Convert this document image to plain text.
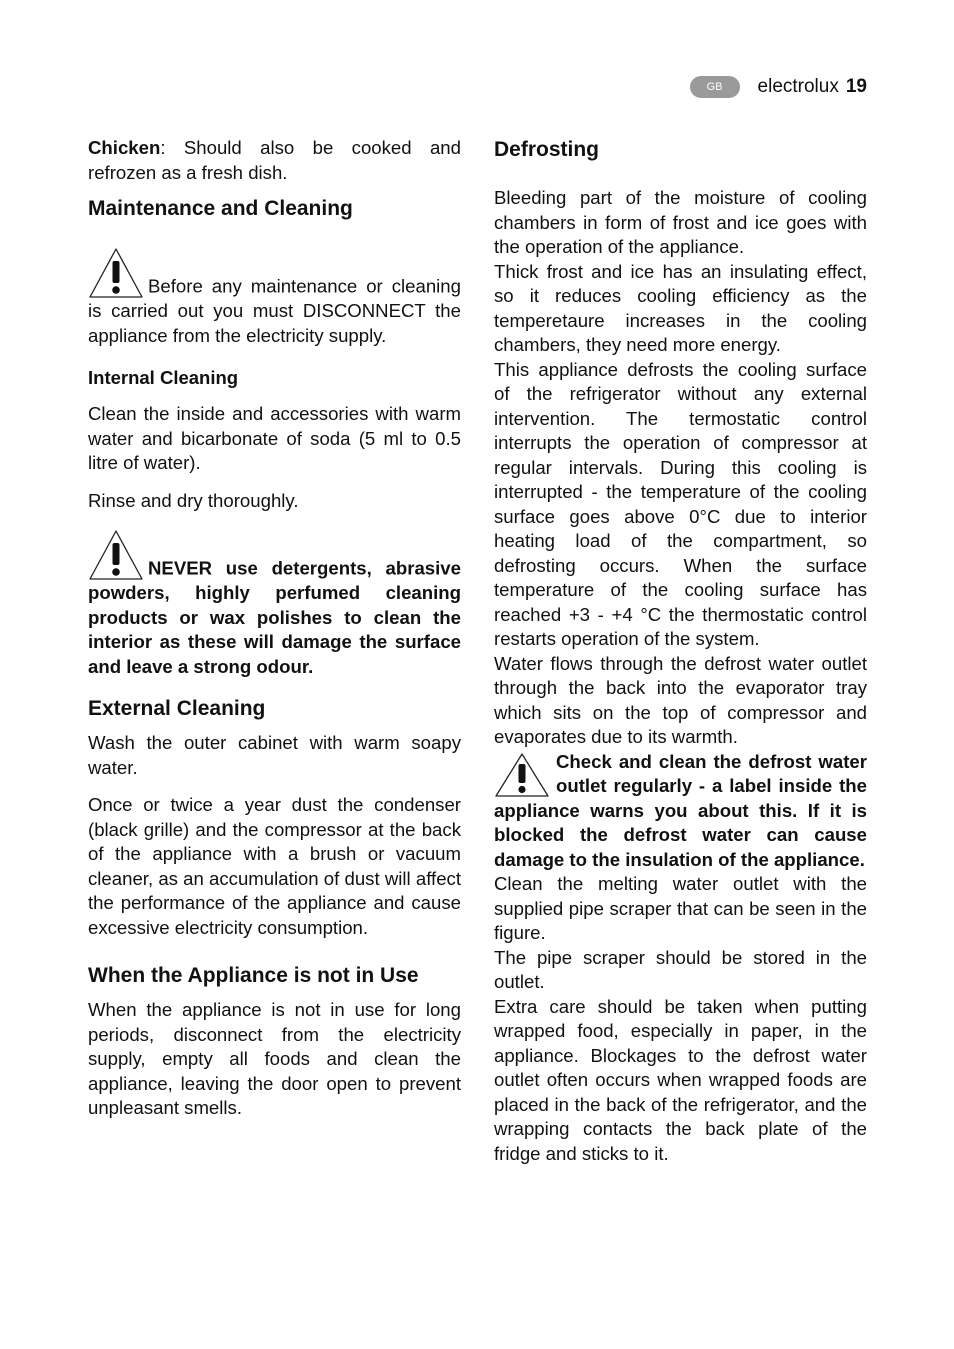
GB	electrolux 19

Chicken: Should also be cooked and refrozen as a fresh dish.

Maintenance and Cleaning

Before any maintenance or cleaning is carried out you must DISCONNECT the appliance from the electricity supply.

Internal Cleaning

Clean the inside and accessories with warm water and bicarbonate of soda (5 ml to 0.5 litre of water).

Rinse and dry thoroughly.

NEVER use detergents, abrasive powders, highly perfumed cleaning products or wax polishes to clean the interior as these will damage the surface and leave a strong odour.

External Cleaning

Wash the outer cabinet with warm soapy water.

Once or twice a year dust the condenser (black grille) and the compressor at the back of the appliance with a brush or vacuum cleaner, as an accumulation of dust will affect the performance of the appliance and cause excessive electricity consumption.

When the Appliance is not in Use

When the appliance is not in use for long periods, disconnect from the electricity supply, empty all foods and clean the appliance, leaving the door open to prevent unpleasant smells.

Defrosting

Bleeding part of the moisture of cooling chambers in form of frost and ice goes with the operation of the appliance.

Thick frost and ice has an insulating effect, so it reduces cooling efficiency as the temperetaure increases in the cooling chambers, they need more energy.

This appliance defrosts the cooling surface of the refrigerator without any external intervention. The termostatic control interrupts the operation of compressor at regular intervals. During this cooling is interrupted - the temperature of the cooling surface goes above 0°C due to interior heating load of the compartment, so defrosting occurs. When the surface temperature of the cooling surface has reached +3 - +4 °C the thermostatic control restarts operation of the system.

Water flows through the defrost water outlet through the back into the evaporator tray which sits on the top of compressor and evaporates due to its warmth.

Check and clean the defrost water outlet regularly - a label inside the appliance warns you about this. If it is blocked the defrost water can cause damage to the insulation of the appliance.

Clean the melting water outlet with the supplied pipe scraper that can be seen in the figure.

The pipe scraper should be stored in the outlet.

Extra care should be taken when putting wrapped food, especially in paper, in the appliance. Blockages to the defrost water outlet often occurs when wrapped foods are placed in the back of the refrigerator, and the wrapping contacts the back plate of the fridge and sticks to it.
